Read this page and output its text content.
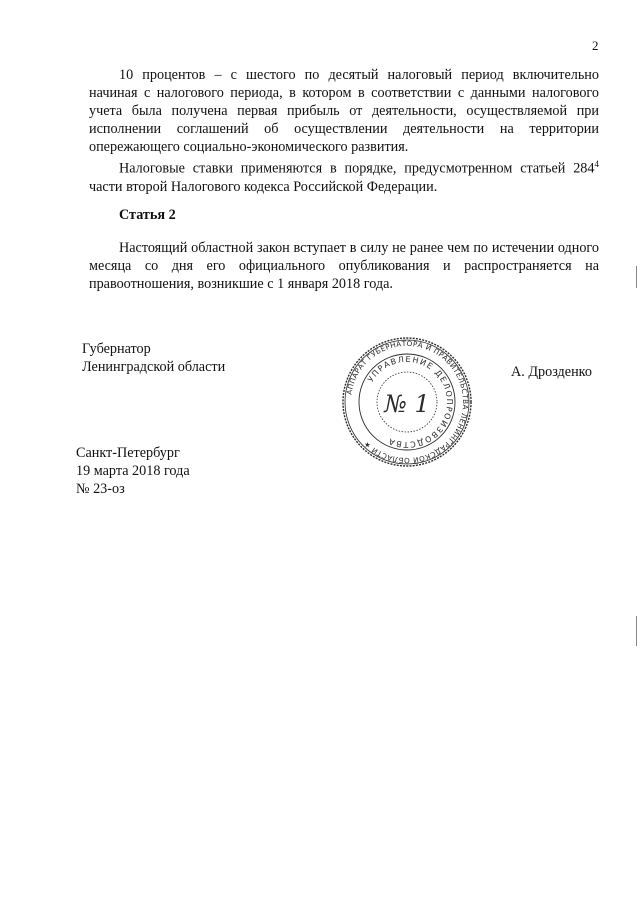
2

10 процентов – с шестого по десятый налоговый период включительно начиная с налогового периода, в котором в соответствии с данными налогового учета была получена первая прибыль от деятельности, осуществляемой при исполнении соглашений об осуществлении деятельности на территории опережающего социально-экономического развития.

Налоговые ставки применяются в порядке, предусмотренном статьей $284^4$ части второй Налогового кодекса Российской Федерации.

Статья 2

Настоящий областной закон вступает в силу не ранее чем по истечении одного месяца со дня его официального опубликования и распространяется на правоотношения, возникшие с 1 января 2018 года.

Губернатор
Ленинградской области
АППАРАТ ГУБЕРНАТОРА И ПРАВИТЕЛЬСТВА ЛЕНИНГРАДСКОЙ ОБЛАСТИ ★
УПРАВЛЕНИЕ ДЕЛОПРОИЗВОДСТВА
№ 1
А. Дрозденко
Санкт-Петербург
19 марта 2018 года
№ 23-оз
